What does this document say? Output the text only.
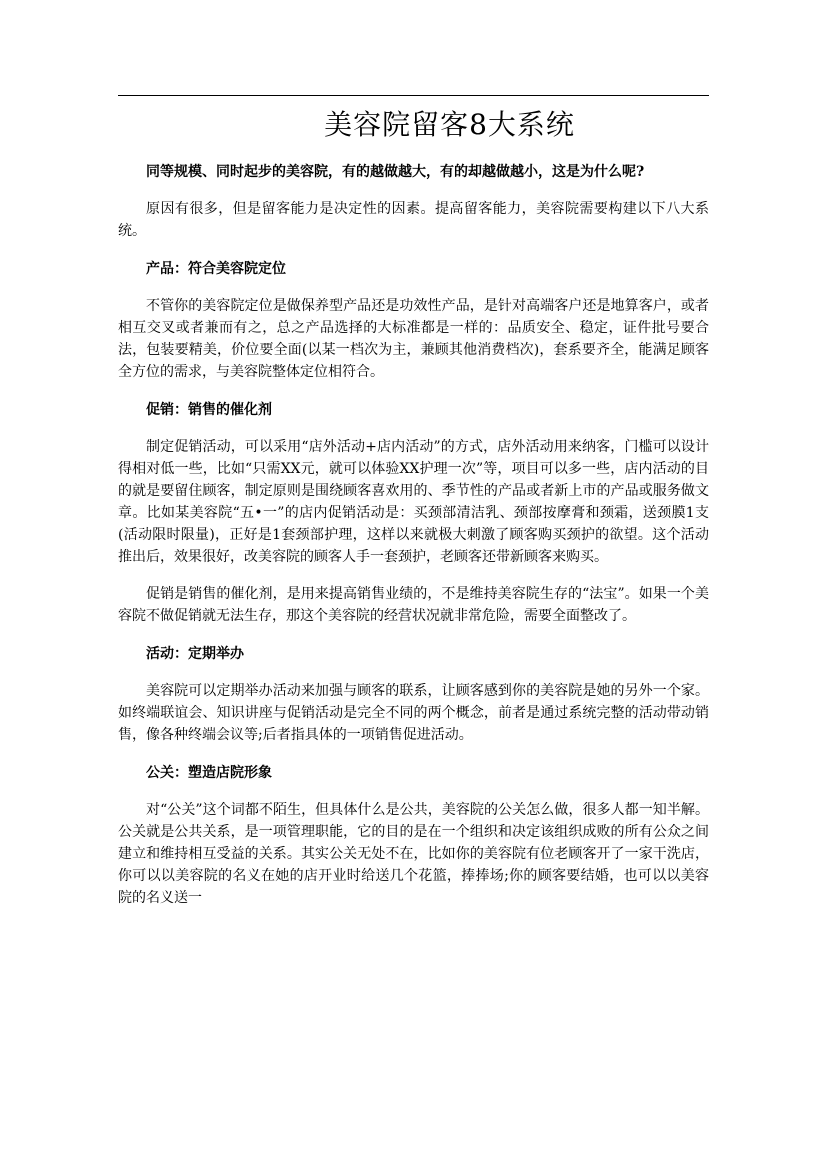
美容院留客8大系统

同等规模、同时起步的美容院，有的越做越大，有的却越做越小，这是为什么呢?

原因有很多，但是留客能力是决定性的因素。提高留客能力，美容院需要构建以下八大系统。

产品：符合美容院定位

不管你的美容院定位是做保养型产品还是功效性产品，是针对高端客户还是地算客户，或者相互交叉或者兼而有之，总之产品选择的大标准都是一样的：品质安全、稳定，证件批号要合法，包装要精美，价位要全面(以某一档次为主，兼顾其他消费档次)，套系要齐全，能满足顾客全方位的需求，与美容院整体定位相符合。

促销：销售的催化剂

制定促销活动，可以采用“店外活动+店内活动”的方式，店外活动用来纳客，门槛可以设计得相对低一些，比如“只需XX元，就可以体验XX护理一次”等，项目可以多一些，店内活动的目的就是要留住顾客，制定原则是围绕顾客喜欢用的、季节性的产品或者新上市的产品或服务做文章。比如某美容院“五•一”的店内促销活动是：买颈部清洁乳、颈部按摩膏和颈霜，送颈膜1支(活动限时限量)，正好是1套颈部护理，这样以来就极大刺激了顾客购买颈护的欲望。这个活动推出后，效果很好，改美容院的顾客人手一套颈护，老顾客还带新顾客来购买。

促销是销售的催化剂，是用来提高销售业绩的，不是维持美容院生存的“法宝”。如果一个美容院不做促销就无法生存，那这个美容院的经营状况就非常危险，需要全面整改了。

活动：定期举办

美容院可以定期举办活动来加强与顾客的联系，让顾客感到你的美容院是她的另外一个家。如终端联谊会、知识讲座与促销活动是完全不同的两个概念，前者是通过系统完整的活动带动销售，像各种终端会议等;后者指具体的一项销售促进活动。

公关：塑造店院形象

对“公关”这个词都不陌生，但具体什么是公共，美容院的公关怎么做，很多人都一知半解。公关就是公共关系，是一项管理职能，它的目的是在一个组织和决定该组织成败的所有公众之间建立和维持相互受益的关系。其实公关无处不在，比如你的美容院有位老顾客开了一家干洗店，你可以以美容院的名义在她的店开业时给送几个花篮，捧捧场;你的顾客要结婚，也可以以美容院的名义送一
